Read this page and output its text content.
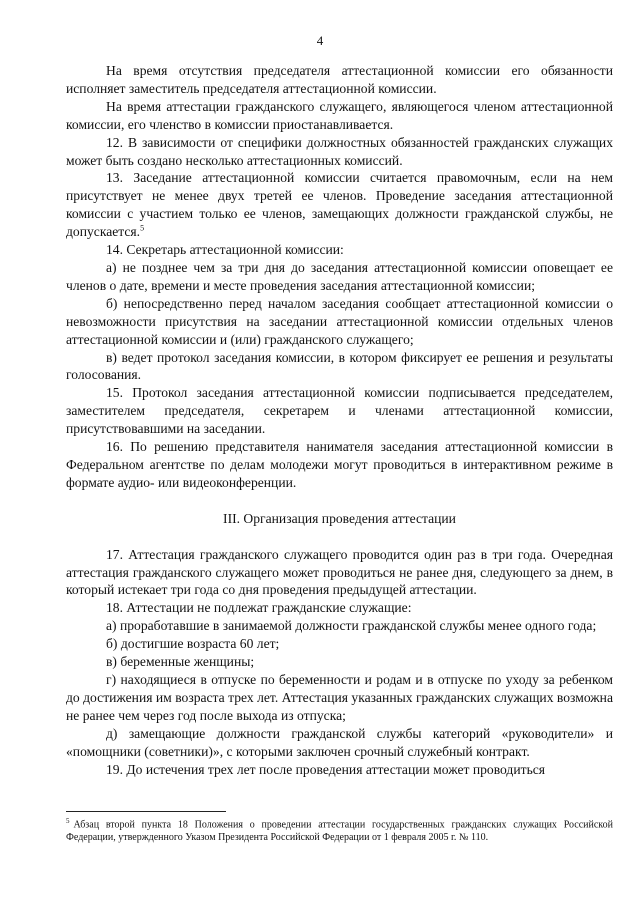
4

На время отсутствия председателя аттестационной комиссии его обязанности исполняет заместитель председателя аттестационной комиссии.

На время аттестации гражданского служащего, являющегося членом аттестационной комиссии, его членство в комиссии приостанавливается.

12. В зависимости от специфики должностных обязанностей гражданских служащих может быть создано несколько аттестационных комиссий.

13. Заседание аттестационной комиссии считается правомочным, если на нем присутствует не менее двух третей ее членов. Проведение заседания аттестационной комиссии с участием только ее членов, замещающих должности гражданской службы, не допускается.$^5$

14. Секретарь аттестационной комиссии:

а) не позднее чем за три дня до заседания аттестационной комиссии оповещает ее членов о дате, времени и месте проведения заседания аттестационной комиссии;

б) непосредственно перед началом заседания сообщает аттестационной комиссии о невозможности присутствия на заседании аттестационной комиссии отдельных членов аттестационной комиссии и (или) гражданского служащего;

в) ведет протокол заседания комиссии, в котором фиксирует ее решения и результаты голосования.

15. Протокол заседания аттестационной комиссии подписывается председателем, заместителем председателя, секретарем и членами аттестационной комиссии, присутствовавшими на заседании.

16. По решению представителя нанимателя заседания аттестационной комиссии в Федеральном агентстве по делам молодежи могут проводиться в интерактивном режиме в формате аудио- или видеоконференции.

III. Организация проведения аттестации

17. Аттестация гражданского служащего проводится один раз в три года. Очередная аттестация гражданского служащего может проводиться не ранее дня, следующего за днем, в который истекает три года со дня проведения предыдущей аттестации.

18. Аттестации не подлежат гражданские служащие:

а) проработавшие в занимаемой должности гражданской службы менее одного года;

б) достигшие возраста 60 лет;

в) беременные женщины;

г) находящиеся в отпуске по беременности и родам и в отпуске по уходу за ребенком до достижения им возраста трех лет. Аттестация указанных гражданских служащих возможна не ранее чем через год после выхода из отпуска;

д) замещающие должности гражданской службы категорий «руководители» и «помощники (советники)», с которыми заключен срочный служебный контракт.

19. До истечения трех лет после проведения аттестации может проводиться

$^5$ Абзац второй пункта 18 Положения о проведении аттестации государственных гражданских служащих Российской Федерации, утвержденного Указом Президента Российской Федерации от 1 февраля 2005 г. № 110.
